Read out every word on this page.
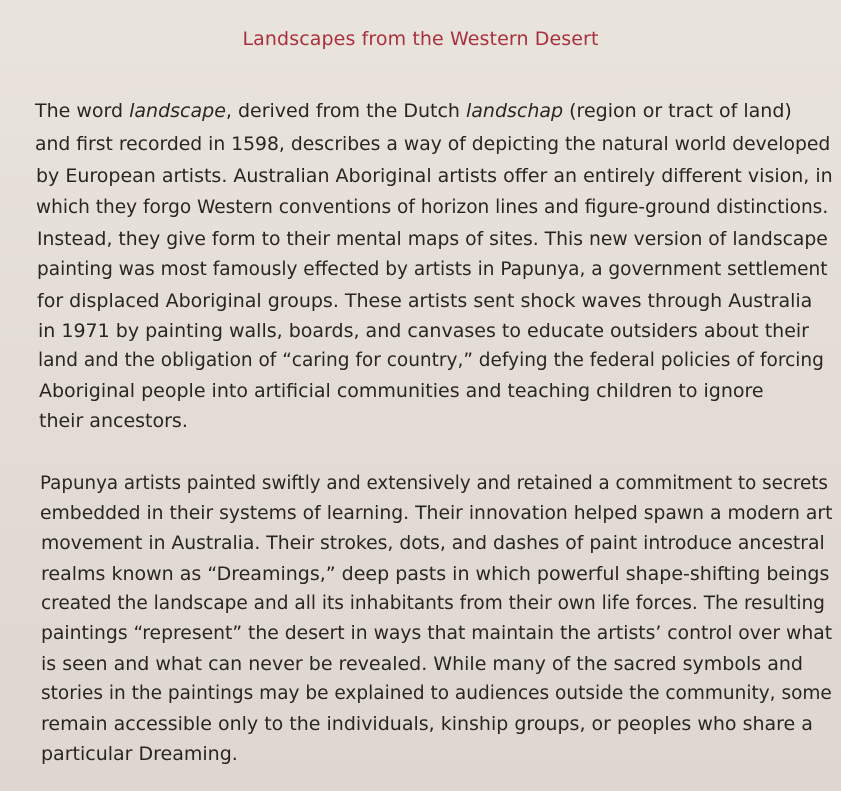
Landscapes from the Western Desert
The word landscape, derived from the Dutch landschap (region or tract of land)
and first recorded in 1598, describes a way of depicting the natural world developed
by European artists. Australian Aboriginal artists offer an entirely different vision, in
which they forgo Western conventions of horizon lines and figure-ground distinctions.
Instead, they give form to their mental maps of sites. This new version of landscape
painting was most famously effected by artists in Papunya, a government settlement
for displaced Aboriginal groups. These artists sent shock waves through Australia
in 1971 by painting walls, boards, and canvases to educate outsiders about their
land and the obligation of “caring for country,” defying the federal policies of forcing
Aboriginal people into artificial communities and teaching children to ignore
their ancestors.
Papunya artists painted swiftly and extensively and retained a commitment to secrets
embedded in their systems of learning. Their innovation helped spawn a modern art
movement in Australia. Their strokes, dots, and dashes of paint introduce ancestral
realms known as “Dreamings,” deep pasts in which powerful shape-shifting beings
created the landscape and all its inhabitants from their own life forces. The resulting
paintings “represent” the desert in ways that maintain the artists’ control over what
is seen and what can never be revealed. While many of the sacred symbols and
stories in the paintings may be explained to audiences outside the community, some
remain accessible only to the individuals, kinship groups, or peoples who share a
particular Dreaming.
